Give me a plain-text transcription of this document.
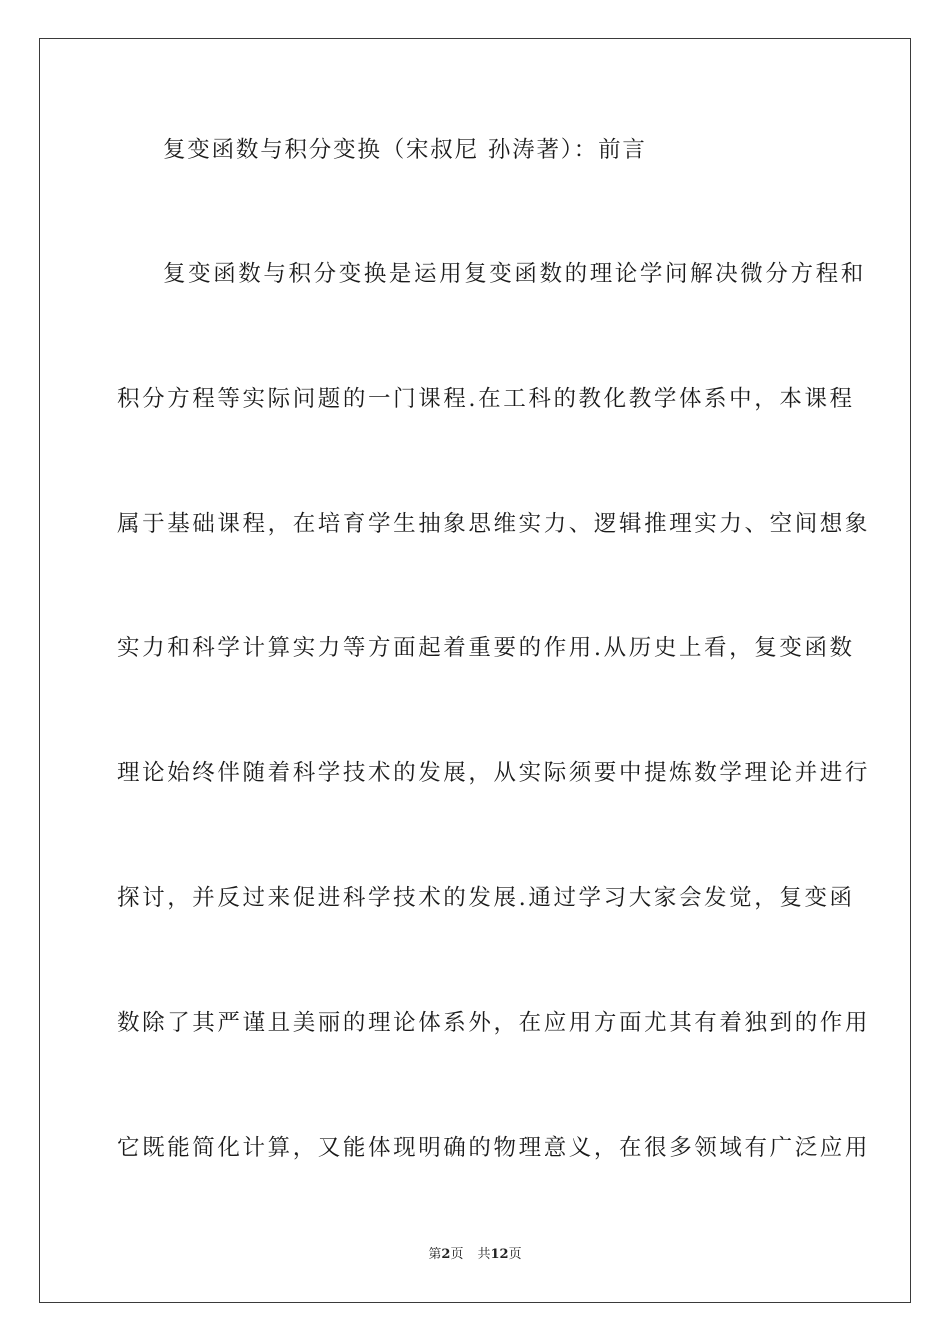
复变函数与积分变换（宋叔尼 孙涛著）：前言
复变函数与积分变换是运用复变函数的理论学问解决微分方程和
积分方程等实际问题的一门课程.在工科的教化教学体系中，本课程
属于基础课程，在培育学生抽象思维实力、逻辑推理实力、空间想象
实力和科学计算实力等方面起着重要的作用.从历史上看，复变函数
理论始终伴随着科学技术的发展，从实际须要中提炼数学理论并进行
探讨，并反过来促进科学技术的发展.通过学习大家会发觉，复变函
数除了其严谨且美丽的理论体系外，在应用方面尤其有着独到的作用
它既能简化计算，又能体现明确的物理意义，在很多领域有广泛应用
第2页 共12页
